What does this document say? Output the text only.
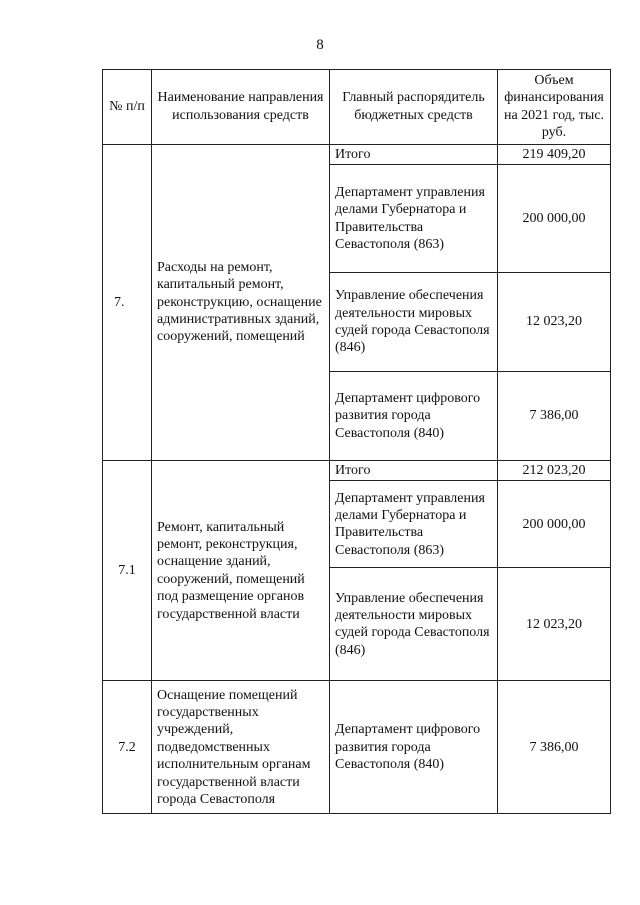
8
№ п/п	Наименование направления использования средств	Главный распорядитель бюджетных средств	Объем финансирования на 2021 год, тыс. руб.
7.	Расходы на ремонт, капитальный ремонт, реконструкцию, оснащение административных зданий, сооружений, помещений	Итого	219 409,20
		Департамент управления делами Губернатора и Правительства Севастополя (863)	200 000,00
		Управление обеспечения деятельности мировых судей города Севастополя (846)	12 023,20
		Департамент цифрового развития города Севастополя (840)	7 386,00
7.1	Ремонт, капитальный ремонт, реконструкция, оснащение зданий, сооружений, помещений под размещение органов государственной власти	Итого	212 023,20
		Департамент управления делами Губернатора и Правительства Севастополя (863)	200 000,00
		Управление обеспечения деятельности мировых судей города Севастополя (846)	12 023,20
7.2	Оснащение помещений государственных учреждений, подведомственных исполнительным органам государственной власти города Севастополя	Департамент цифрового развития города Севастополя (840)	7 386,00
